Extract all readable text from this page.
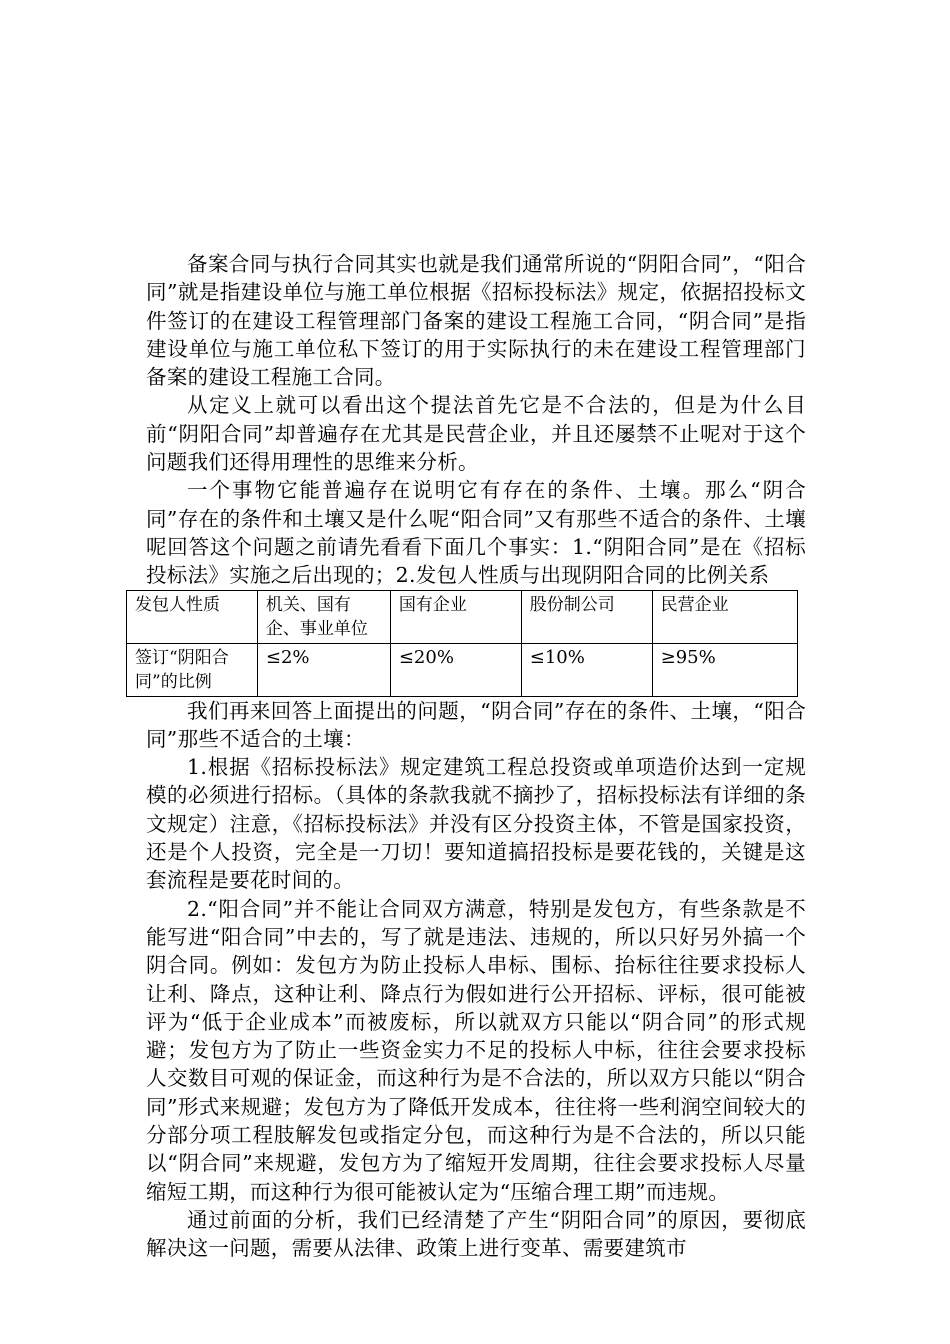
备案合同与执行合同其实也就是我们通常所说的“阴阳合同”，“阳合同”就是指建设单位与施工单位根据《招标投标法》规定，依据招投标文件签订的在建设工程管理部门备案的建设工程施工合同，“阴合同”是指建设单位与施工单位私下签订的用于实际执行的未在建设工程管理部门备案的建设工程施工合同。

从定义上就可以看出这个提法首先它是不合法的，但是为什么目前“阴阳合同”却普遍存在尤其是民营企业，并且还屡禁不止呢对于这个问题我们还得用理性的思维来分析。

一个事物它能普遍存在说明它有存在的条件、土壤。那么“阴合同”存在的条件和土壤又是什么呢“阳合同”又有那些不适合的条件、土壤呢回答这个问题之前请先看看下面几个事实：1.“阴阳合同”是在《招标投标法》实施之后出现的；2.发包人性质与出现阴阳合同的比例关系

发包人性质	机关、国有企、事业单位	国有企业	股份制公司	民营企业
签订“阴阳合同”的比例	≤2%	≤20%	≤10%	≥95%

我们再来回答上面提出的问题，“阴合同”存在的条件、土壤，“阳合同”那些不适合的土壤：

1.根据《招标投标法》规定建筑工程总投资或单项造价达到一定规模的必须进行招标。（具体的条款我就不摘抄了，招标投标法有详细的条文规定）注意，《招标投标法》并没有区分投资主体，不管是国家投资，还是个人投资，完全是一刀切！要知道搞招投标是要花钱的，关键是这套流程是要花时间的。

2.“阳合同”并不能让合同双方满意，特别是发包方，有些条款是不能写进“阳合同”中去的，写了就是违法、违规的，所以只好另外搞一个阴合同。例如：发包方为防止投标人串标、围标、抬标往往要求投标人让利、降点，这种让利、降点行为假如进行公开招标、评标，很可能被评为“低于企业成本”而被废标，所以就双方只能以“阴合同”的形式规避；发包方为了防止一些资金实力不足的投标人中标，往往会要求投标人交数目可观的保证金，而这种行为是不合法的，所以双方只能以“阴合同”形式来规避；发包方为了降低开发成本，往往将一些利润空间较大的分部分项工程肢解发包或指定分包，而这种行为是不合法的，所以只能以“阴合同”来规避，发包方为了缩短开发周期，往往会要求投标人尽量缩短工期，而这种行为很可能被认定为“压缩合理工期”而违规。

通过前面的分析，我们已经清楚了产生“阴阳合同”的原因，要彻底解决这一问题，需要从法律、政策上进行变革、需要建筑市
